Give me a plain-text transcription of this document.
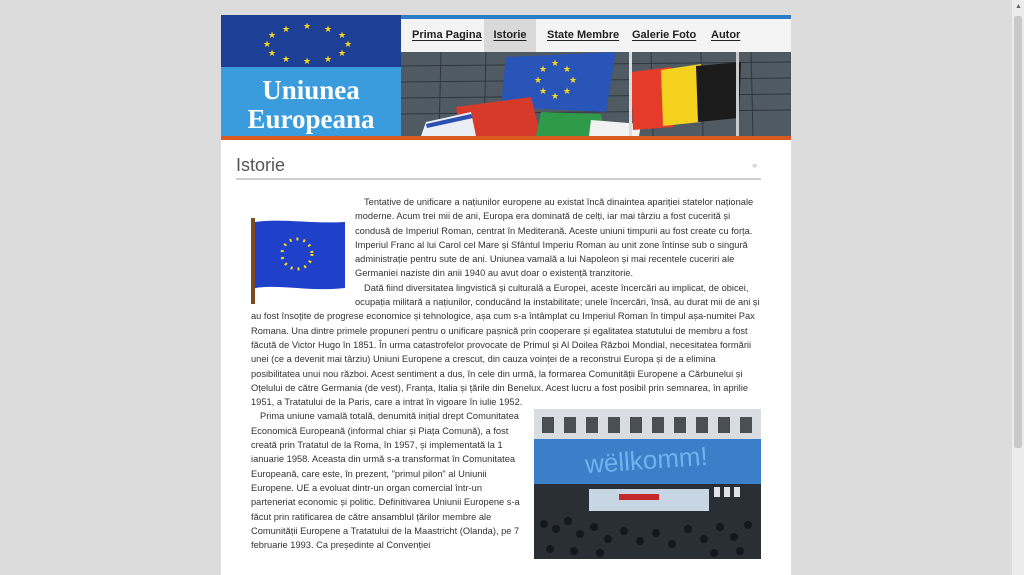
★ ★
★
★
★
★
★
★
★
★
★
★
Uniunea
Europeana
Prima Pagina	Istorie	State Membre Galerie Foto Autor
★
★
★
★
★
★
★
★
Istorie	⌖

Tentative de unificare a națiunilor europene au existat încă dinaintea apariției statelor naționale moderne. Acum trei mii de ani, Europa era dominată de celți, iar mai târziu a fost cucerită și condusă de Imperiul Roman, centrat în Mediterană. Aceste uniuni timpurii au fost create cu forța. Imperiul Franc al lui Carol cel Mare și Sfântul Imperiu Roman au unit zone întinse sub o singură administrație pentru sute de ani. Uniunea vamală a lui Napoleon și mai recentele cuceriri ale Germaniei naziste din anii 1940 au avut doar o existență tranzitorie.

Dată fiind diversitatea lingvistică și culturală a Europei, aceste încercări au implicat, de obicei, ocupația militară a națiunilor, conducând la instabilitate; unele încercări, însă, au durat mii de ani și au fost însoțite de progrese economice și tehnologice, așa cum s-a întâmplat cu Imperiul Roman în timpul așa-numitei Pax Romana. Una dintre primele propuneri pentru o unificare pașnică prin cooperare și egalitatea statutului de membru a fost făcută de Victor Hugo în 1851. În urma catastrofelor provocate de Primul și Al Doilea Război Mondial, necesitatea formării unei (ce a devenit mai târziu) Uniuni Europene a crescut, din cauza voinței de a reconstrui Europa și de a elimina posibilitatea unui nou război. Acest sentiment a dus, în cele din urmă, la formarea Comunității Europene a Cărbunelui și Oțelului de către Germania (de vest), Franța, Italia și țările din Benelux. Acest lucru a fost posibil prin semnarea, în aprilie 1951, a Tratatului de la Paris, care a intrat în vigoare în iulie 1952.

wëllkomm!

Prima uniune vamală totală, denumită inițial drept Comunitatea Economică Europeană (informal chiar și Piața Comună), a fost creată prin Tratatul de la Roma, în 1957, și implementată la 1 ianuarie 1958. Aceasta din urmă s-a transformat în Comunitatea Europeană, care este, în prezent, "primul pilon" al Uniunii Europene. UE a evoluat dintr-un organ comercial într-un parteneriat economic și politic. Definitivarea Uniunii Europene s-a făcut prin ratificarea de către ansamblul țărilor membre ale Comunității Europene a Tratatului de la Maastricht (Olanda), pe 7 februarie 1993. Ca președinte al Convenției

▲
